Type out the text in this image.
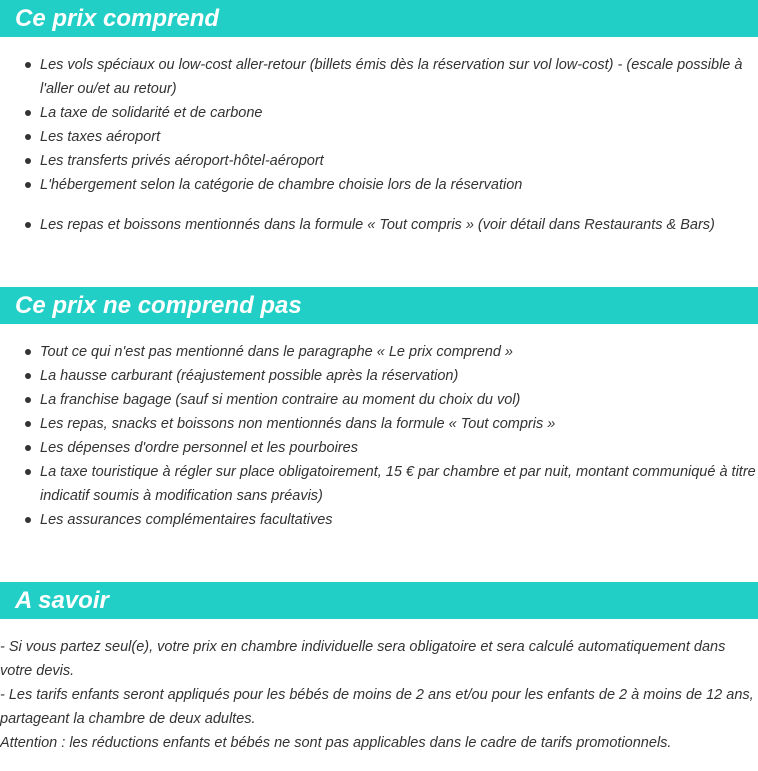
Ce prix comprend
Les vols spéciaux ou low-cost aller-retour (billets émis dès la réservation sur vol low-cost) - (escale possible à l'aller ou/et au retour)
La taxe de solidarité et de carbone
Les taxes aéroport
Les transferts privés aéroport-hôtel-aéroport
L'hébergement selon la catégorie de chambre choisie lors de la réservation
Les repas et boissons mentionnés dans la formule « Tout compris » (voir détail dans Restaurants & Bars)
Ce prix ne comprend pas
Tout ce qui n'est pas mentionné dans le paragraphe « Le prix comprend »
La hausse carburant (réajustement possible après la réservation)
La franchise bagage (sauf si mention contraire au moment du choix du vol)
Les repas, snacks et boissons non mentionnés dans la formule « Tout compris »
Les dépenses d'ordre personnel et les pourboires
La taxe touristique à régler sur place obligatoirement, 15 € par chambre et par nuit, montant communiqué à titre indicatif soumis à modification sans préavis)
Les assurances complémentaires facultatives
A savoir

- Si vous partez seul(e), votre prix en chambre individuelle sera obligatoire et sera calculé automatiquement dans votre devis.

- Les tarifs enfants seront appliqués pour les bébés de moins de 2 ans et/ou pour les enfants de 2 à moins de 12 ans, partageant la chambre de deux adultes.

Attention : les réductions enfants et bébés ne sont pas applicables dans le cadre de tarifs promotionnels.
